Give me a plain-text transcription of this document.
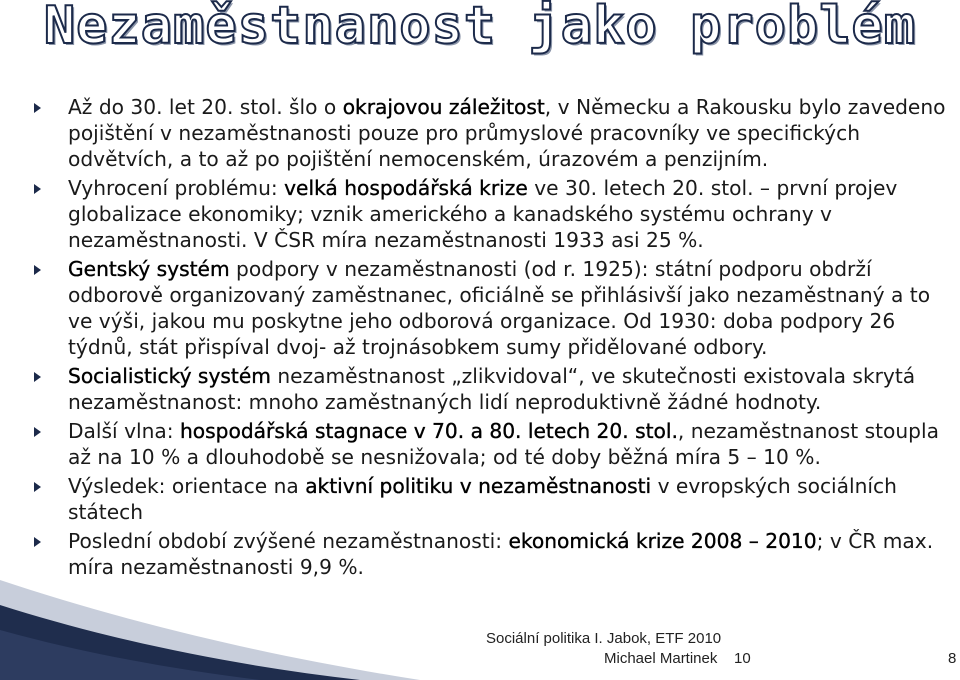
Nezaměstnanost jako problém
Až do 30. let 20. stol. šlo o okrajovou záležitost, v Německu a Rakousku bylo zavedeno pojištění v nezaměstnanosti pouze pro průmyslové pracovníky ve specifických odvětvích, a to až po pojištění nemocenském, úrazovém a penzijním.
Vyhrocení problému: velká hospodářská krize ve 30. letech 20. stol. – první projev globalizace ekonomiky; vznik amerického a kanadského systému ochrany v nezaměstnanosti. V ČSR míra nezaměstnanosti 1933 asi 25 %.
Gentský systém podpory v nezaměstnanosti (od r. 1925): státní podporu obdrží odborově organizovaný zaměstnanec, oficiálně se přihlásivší jako nezaměstnaný a to ve výši, jakou mu poskytne jeho odborová organizace. Od 1930: doba podpory 26 týdnů, stát přispíval dvoj- až trojnásobkem sumy přidělované odbory.
Socialistický systém nezaměstnanost „zlikvidoval“, ve skutečnosti existovala skrytá nezaměstnanost: mnoho zaměstnaných lidí neproduktivně žádné hodnoty.
Další vlna: hospodářská stagnace v 70. a 80. letech 20. stol., nezaměstnanost stoupla až na 10 % a dlouhodobě se nesnižovala; od té doby běžná míra 5 – 10 %.
Výsledek: orientace na aktivní politiku v nezaměstnanosti v evropských sociálních státech
Poslední období zvýšené nezaměstnanosti: ekonomická krize 2008 – 2010; v ČR max. míra nezaměstnanosti 9,9 %.
Sociální politika I. Jabok, ETF 2010
Michael Martinek 10	8
